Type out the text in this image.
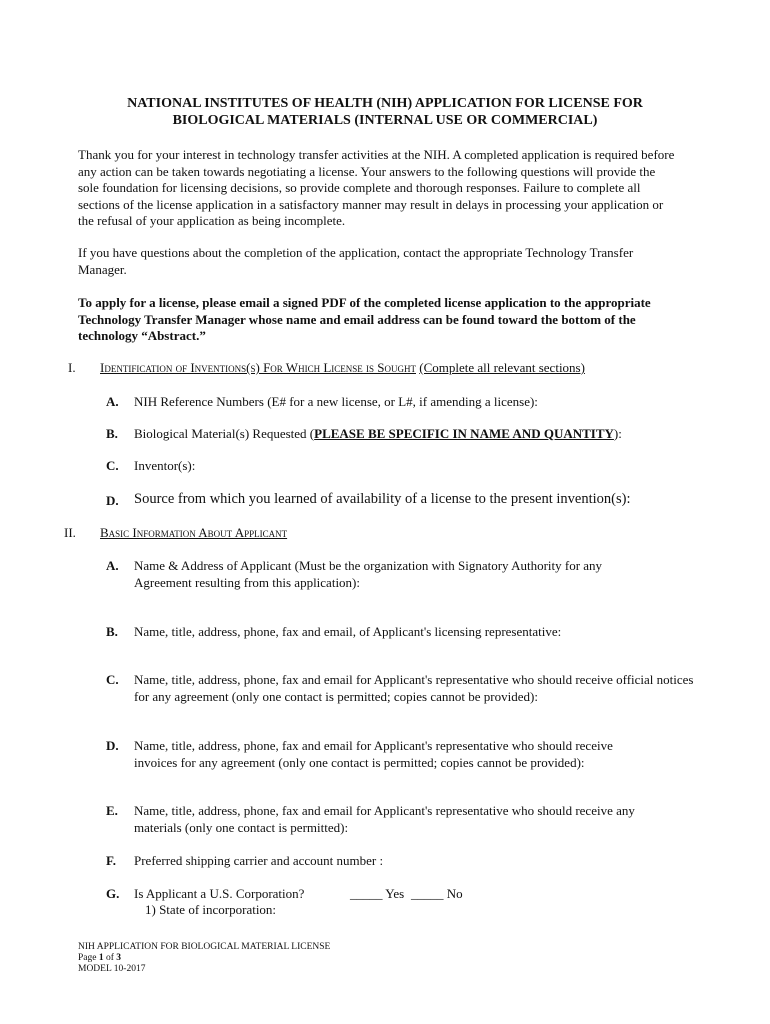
NATIONAL INSTITUTES OF HEALTH (NIH) APPLICATION FOR LICENSE FOR
BIOLOGICAL MATERIALS (INTERNAL USE OR COMMERCIAL)
Thank you for your interest in technology transfer activities at the NIH. A completed application is required before any action can be taken towards negotiating a license. Your answers to the following questions will provide the sole foundation for licensing decisions, so provide complete and thorough responses. Failure to complete all sections of the license application in a satisfactory manner may result in delays in processing your application or the refusal of your application as being incomplete.
If you have questions about the completion of the application, contact the appropriate Technology Transfer Manager.
To apply for a license, please email a signed PDF of the completed license application to the appropriate Technology Transfer Manager whose name and email address can be found toward the bottom of the technology “Abstract.”
I. Identification of Inventions(s) For Which License is Sought (Complete all relevant sections)
A. NIH Reference Numbers (E# for a new license, or L#, if amending a license):
B. Biological Material(s) Requested (PLEASE BE SPECIFIC IN NAME AND QUANTITY):
C. Inventor(s):
D. Source from which you learned of availability of a license to the present invention(s):
II. Basic Information About Applicant
A. Name & Address of Applicant (Must be the organization with Signatory Authority for any Agreement resulting from this application):
B. Name, title, address, phone, fax and email, of Applicant's licensing representative:
C. Name, title, address, phone, fax and email for Applicant's representative who should receive official notices for any agreement (only one contact is permitted; copies cannot be provided):
D. Name, title, address, phone, fax and email for Applicant's representative who should receive invoices for any agreement (only one contact is permitted; copies cannot be provided):
E. Name, title, address, phone, fax and email for Applicant's representative who should receive any materials (only one contact is permitted):
F. Preferred shipping carrier and account number :
G. Is Applicant a U.S. Corporation?	_____ Yes _____ No
1) State of incorporation:
NIH APPLICATION FOR BIOLOGICAL MATERIAL LICENSE
Page 1 of 3
MODEL 10-2017
